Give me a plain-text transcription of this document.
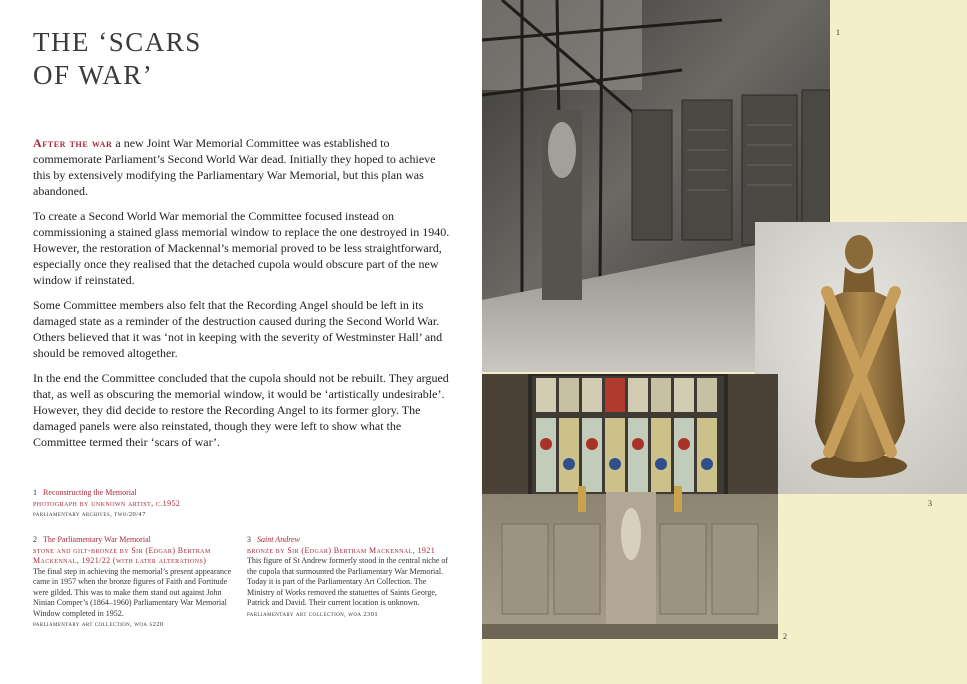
THE ‘SCARS
OF WAR’

After the war a new Joint War Memorial Committee was established to commemorate Parliament’s Second World War dead. Initially they hoped to achieve this by extensively modifying the Parliamentary War Memorial, but this plan was abandoned.

To create a Second World War memorial the Committee focused instead on commissioning a stained glass memorial window to replace the one destroyed in 1940. However, the restoration of Mackennal’s memorial proved to be less straightforward, especially once they realised that the detached cupola would obscure part of the new window if reinstated.

Some Committee members also felt that the Recording Angel should be left in its damaged state as a reminder of the destruction caused during the Second World War. Others believed that it was ‘not in keeping with the severity of Westminster Hall’ and should be removed altogether.

In the end the Committee concluded that the cupola should not be rebuilt. They argued that, as well as obscuring the memorial window, it would be ‘artistically undesirable’. However, they did decide to restore the Recording Angel to its former glory. The damaged panels were also reinstated, though they were left to show what the Committee termed their ‘scars of war’.

1 Reconstructing the Memorial
photograph by unknown artist, c.1952
parliamentary archives, two/20/47
2 The Parliamentary War Memorial
stone and gilt-bronze by Sir (Edgar) Bertram Mackennal, 1921/22 (with later alterations)
The final step in achieving the memorial’s present appearance came in 1957 when the bronze figures of Faith and Fortitude were gilded. This was to make them stand out against John Ninian Comper’s (1864–1960) Parliamentary War Memorial Window completed in 1952.
parliamentary art collection, woa s220
3 Saint Andrew
bronze by Sir (Edgar) Bertram Mackennal, 1921
This figure of St Andrew formerly stood in the central niche of the cupola that surmounted the Parliamentary War Memorial. Today it is part of the Parliamentary Art Collection. The Ministry of Works removed the statuettes of Saints George, Patrick and David. Their current location is unknown.
parliamentary art collection, woa 2301
1
3
2
